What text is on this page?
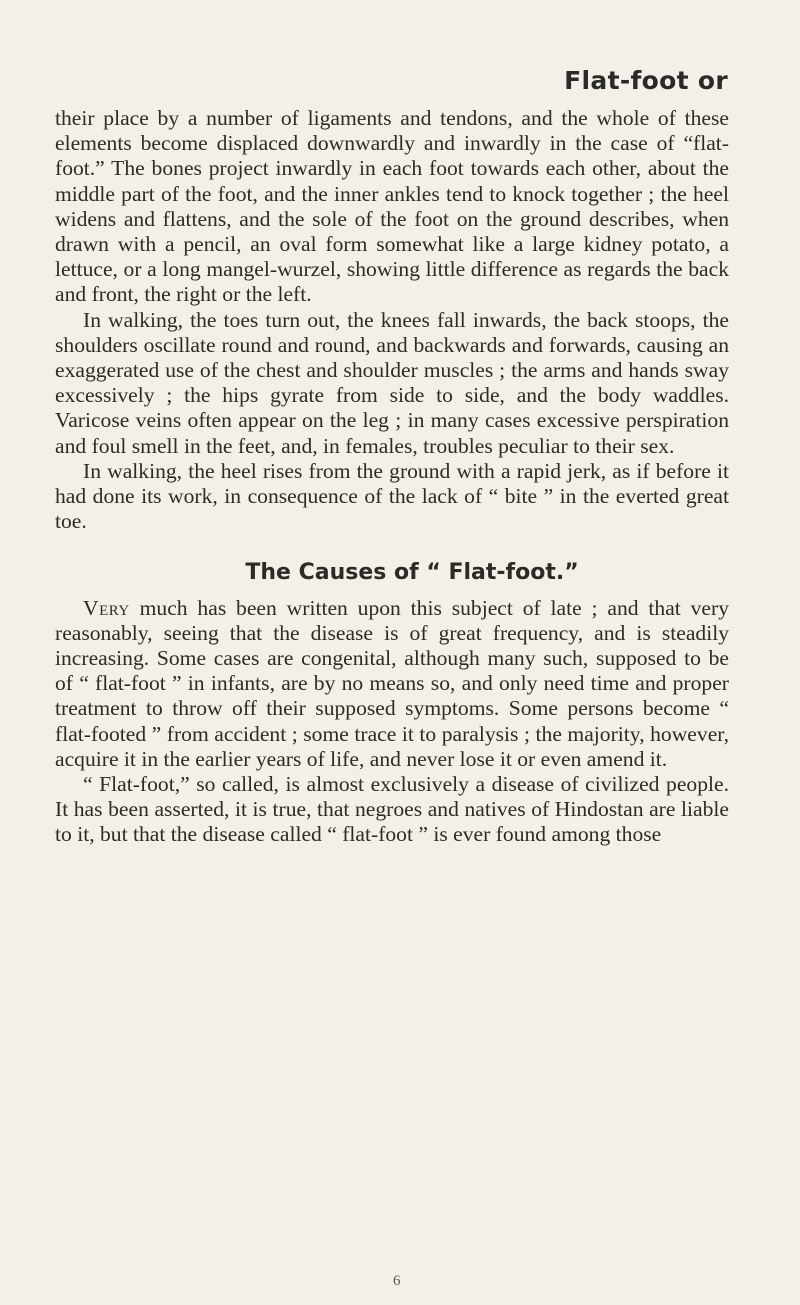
Flat-foot or

their place by a number of ligaments and tendons, and the whole of these elements become displaced downwardly and inwardly in the case of “flat-foot.” The bones project inwardly in each foot towards each other, about the middle part of the foot, and the inner ankles tend to knock together ; the heel widens and flattens, and the sole of the foot on the ground describes, when drawn with a pencil, an oval form somewhat like a large kidney potato, a lettuce, or a long mangel-wurzel, showing little difference as regards the back and front, the right or the left.

In walking, the toes turn out, the knees fall inwards, the back stoops, the shoulders oscillate round and round, and backwards and forwards, causing an exaggerated use of the chest and shoulder muscles ; the arms and hands sway excessively ; the hips gyrate from side to side, and the body waddles. Varicose veins often appear on the leg ; in many cases excessive perspiration and foul smell in the feet, and, in females, troubles peculiar to their sex.

In walking, the heel rises from the ground with a rapid jerk, as if before it had done its work, in consequence of the lack of “ bite ” in the everted great toe.

The Causes of “ Flat-foot.”

Very much has been written upon this subject of late ; and that very reasonably, seeing that the disease is of great frequency, and is steadily increasing. Some cases are congenital, although many such, supposed to be of “ flat-foot ” in infants, are by no means so, and only need time and proper treatment to throw off their supposed symptoms. Some persons become “ flat-footed ” from accident ; some trace it to paralysis ; the majority, however, acquire it in the earlier years of life, and never lose it or even amend it.

“ Flat-foot,” so called, is almost exclusively a disease of civilized people. It has been asserted, it is true, that negroes and natives of Hindostan are liable to it, but that the disease called “ flat-foot ” is ever found among those

6
